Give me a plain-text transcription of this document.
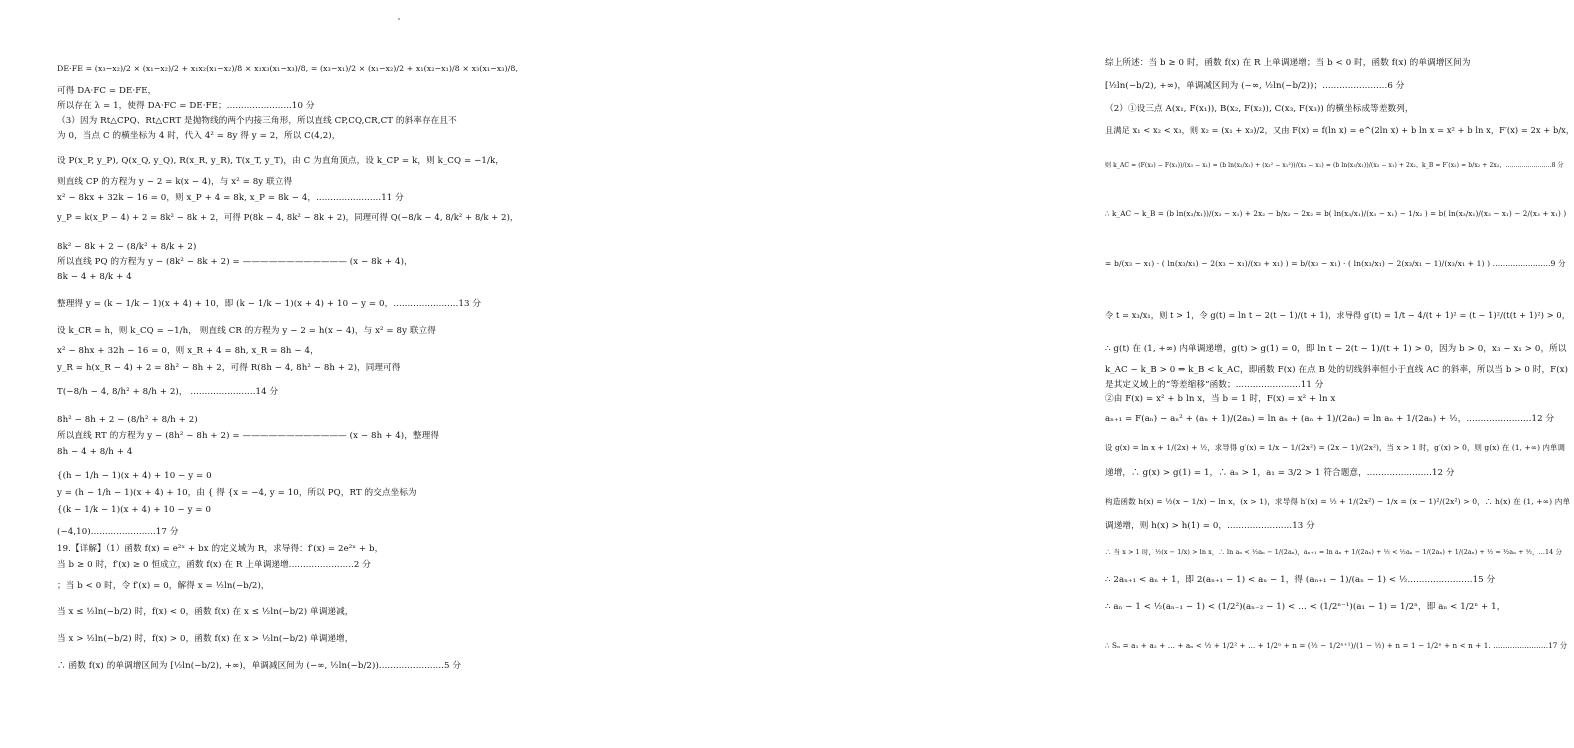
DE·FE = (x₃−x₂)/2 × (x₁−x₂)/2 + x₁x₂(x₁−x₂)/8 × x₁x₃(x₁−x₃)/8, = (x₃−x₁)/2 × (x₁−x₂)/2 + x₁(x₂−x₁)/8 × x₃(x₁−x₃)/8,
可得 DA·FC = DE·FE，
所以存在 λ = 1，使得 DA·FC = DE·FE；.......................10 分
（3）因为 Rt△CPQ、Rt△CRT 是抛物线的两个内接三角形，所以直线 CP,CQ,CR,CT 的斜率存在且不
为 0，当点 C 的横坐标为 4 时，代入 4² = 8y 得 y = 2，所以 C(4,2)，
设 P(x_P, y_P), Q(x_Q, y_Q), R(x_R, y_R), T(x_T, y_T)，由 C 为直角顶点，设 k_CP = k，则 k_CQ = −1/k，
则直线 CP 的方程为 y − 2 = k(x − 4)，与 x² = 8y 联立得
x² − 8kx + 32k − 16 = 0，则 x_P + 4 = 8k, x_P = 8k − 4，.......................11 分
y_P = k(x_P − 4) + 2 = 8k² − 8k + 2，可得 P(8k − 4, 8k² − 8k + 2)，同理可得 Q(−8/k − 4, 8/k² + 8/k + 2)，
8k² − 8k + 2 − (8/k² + 8/k + 2)
所以直线 PQ 的方程为 y − (8k² − 8k + 2) = ———————————— (x − 8k + 4)，
8k − 4 + 8/k + 4
整理得 y = (k − 1/k − 1)(x + 4) + 10，即 (k − 1/k − 1)(x + 4) + 10 − y = 0，.......................13 分
设 k_CR = h，则 k_CQ = −1/h， 则直线 CR 的方程为 y − 2 = h(x − 4)，与 x² = 8y 联立得
x² − 8hx + 32h − 16 = 0，则 x_R + 4 = 8h, x_R = 8h − 4，
y_R = h(x_R − 4) + 2 = 8h² − 8h + 2，可得 R(8h − 4, 8h² − 8h + 2)，同理可得
T(−8/h − 4, 8/h² + 8/h + 2)， .......................14 分
8h² − 8h + 2 − (8/h² + 8/h + 2)
所以直线 RT 的方程为 y − (8h² − 8h + 2) = ———————————— (x − 8h + 4)，整理得
8h − 4 + 8/h + 4
{(h − 1/h − 1)(x + 4) + 10 − y = 0
y = (h − 1/h − 1)(x + 4) + 10，由 { 得 {x = −4, y = 10，所以 PQ，RT 的交点坐标为
{(k − 1/k − 1)(x + 4) + 10 − y = 0
(−4,10).......................17 分
19.【详解】（1）函数 f(x) = e²ˣ + bx 的定义域为 R，求导得：f′(x) = 2e²ˣ + b，
当 b ≥ 0 时，f′(x) ≥ 0 恒成立，函数 f(x) 在 R 上单调递增.......................2 分
；当 b < 0 时，令 f′(x) = 0，解得 x = ½ln(−b/2)，
当 x ≤ ½ln(−b/2) 时，f(x) < 0，函数 f(x) 在 x ≤ ½ln(−b/2) 单调递减，
当 x > ½ln(−b/2) 时，f(x) > 0，函数 f(x) 在 x > ½ln(−b/2) 单调递增，
∴ 函数 f(x) 的单调增区间为 [½ln(−b/2), +∞)，单调减区间为 (−∞, ½ln(−b/2)).......................5 分
综上所述：当 b ≥ 0 时，函数 f(x) 在 R 上单调递增；当 b < 0 时，函数 f(x) 的单调增区间为
[½ln(−b/2), +∞)，单调减区间为 (−∞, ½ln(−b/2))；.......................6 分
（2）①设三点 A(x₁, F(x₁)), B(x₂, F(x₂)), C(x₃, F(x₃)) 的横坐标成等差数列，
且满足 x₁ < x₂ < x₃，则 x₂ = (x₁ + x₃)/2，又由 F(x) = f(ln x) = e^(2ln x) + b ln x = x² + b ln x，F′(x) = 2x + b/x，
则 k_AC = (F(x₃) − F(x₁))/(x₃ − x₁) = (b ln(x₃/x₁) + (x₃² − x₁²))/(x₃ − x₁) = (b ln(x₃/x₁))/(x₃ − x₁) + 2x₂，k_B = F′(x₂) = b/x₂ + 2x₂，.......................8 分
∴ k_AC − k_B = (b ln(x₃/x₁))/(x₃ − x₁) + 2x₂ − b/x₂ − 2x₂ = b( ln(x₃/x₁)/(x₃ − x₁) − 1/x₂ ) = b( ln(x₃/x₁)/(x₃ − x₁) − 2/(x₃ + x₁) )
= b/(x₃ − x₁) · ( ln(x₃/x₁) − 2(x₃ − x₁)/(x₃ + x₁) ) = b/(x₃ − x₁) · ( ln(x₃/x₁) − 2(x₃/x₁ − 1)/(x₃/x₁ + 1) ) .......................9 分
令 t = x₃/x₁，则 t > 1，令 g(t) = ln t − 2(t − 1)/(t + 1)，求导得 g′(t) = 1/t − 4/(t + 1)² = (t − 1)²/(t(t + 1)²) > 0，
∴ g(t) 在 (1, +∞) 内单调递增，g(t) > g(1) = 0，即 ln t − 2(t − 1)/(t + 1) > 0，因为 b > 0，x₃ − x₁ > 0，所以
k_AC − k_B > 0 ⇒ k_B < k_AC，即函数 F(x) 在点 B 处的切线斜率恒小于直线 AC 的斜率，所以当 b > 0 时，F(x)
是其定义域上的“等差缩移”函数；.......................11 分
②由 F(x) = x² + b ln x，当 b = 1 时，F(x) = x² + ln x
aₙ₊₁ = F(aₙ) − aₙ² + (aₙ + 1)/(2aₙ) = ln aₙ + (aₙ + 1)/(2aₙ) = ln aₙ + 1/(2aₙ) + ½，.......................12 分
设 g(x) = ln x + 1/(2x) + ½，求导得 g′(x) = 1/x − 1/(2x²) = (2x − 1)/(2x²)，当 x > 1 时，g′(x) > 0，则 g(x) 在 (1, +∞) 内单调
递增，∴ g(x) > g(1) = 1，∴ aₙ > 1，a₁ = 3/2 > 1 符合题意，.......................12 分
构造函数 h(x) = ½(x − 1/x) − ln x，(x > 1)，求导得 h′(x) = ½ + 1/(2x²) − 1/x = (x − 1)²/(2x²) > 0，∴ h(x) 在 (1, +∞) 内单
调递增，则 h(x) > h(1) = 0，.......................13 分
∴ 当 x > 1 时，½(x − 1/x) > ln x，∴ ln aₙ < ½aₙ − 1/(2aₙ)，aₙ₊₁ = ln aₙ + 1/(2aₙ) + ½ < ½aₙ − 1/(2aₙ) + 1/(2aₙ) + ½ = ½aₙ + ½，...14 分
∴ 2aₙ₊₁ < aₙ + 1，即 2(aₙ₊₁ − 1) < aₙ − 1，得 (aₙ₊₁ − 1)/(aₙ − 1) < ½.......................15 分
∴ aₙ − 1 < ½(aₙ₋₁ − 1) < (1/2²)(aₙ₋₂ − 1) < … < (1/2ⁿ⁻¹)(a₁ − 1) = 1/2ⁿ，即 aₙ < 1/2ⁿ + 1，
∴ Sₙ = a₁ + a₂ + … + aₙ < ½ + 1/2² + … + 1/2ⁿ + n = (½ − 1/2ⁿ⁺¹)/(1 − ½) + n = 1 − 1/2ⁿ + n < n + 1. .......................17 分
